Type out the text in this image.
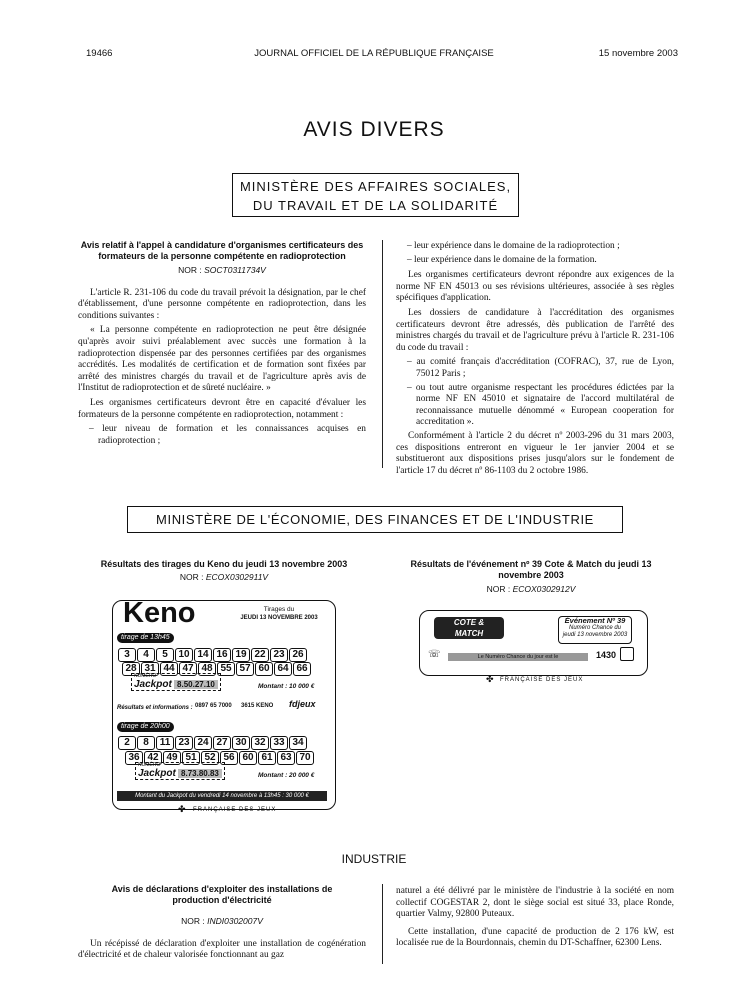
19466	JOURNAL OFFICIEL DE LA RÉPUBLIQUE FRANÇAISE	15 novembre 2003
AVIS DIVERS
MINISTÈRE DES AFFAIRES SOCIALES,
DU TRAVAIL ET DE LA SOLIDARITÉ
Avis relatif à l'appel à candidature d'organismes certificateurs des formateurs de la personne compétente en radioprotection
NOR : SOCT0311734V

L'article R. 231-106 du code du travail prévoit la désignation, par le chef d'établissement, d'une personne compétente en radioprotection, dans les conditions suivantes :

« La personne compétente en radioprotection ne peut être désignée qu'après avoir suivi préalablement avec succès une formation à la radioprotection dispensée par des personnes certifiées par des organismes accrédités. Les modalités de certification et de formation sont fixées par arrêté des ministres chargés du travail et de l'agriculture après avis de l'Institut de radioprotection et de sûreté nucléaire. »

Les organismes certificateurs devront être en capacité d'évaluer les formateurs de la personne compétente en radioprotection, notamment :

– leur niveau de formation et les connaissances acquises en radioprotection ;
– leur expérience dans le domaine de la radioprotection ;
– leur expérience dans le domaine de la formation.

Les organismes certificateurs devront répondre aux exigences de la norme NF EN 45013 ou ses révisions ultérieures, associée à ses règles spécifiques d'application.

Les dossiers de candidature à l'accréditation des organismes certificateurs devront être adressés, dès publication de l'arrêté des ministres chargés du travail et de l'agriculture prévu à l'article R. 231-106 du code du travail :

– au comité français d'accréditation (COFRAC), 37, rue de Lyon, 75012 Paris ;
– ou tout autre organisme respectant les procédures édictées par la norme NF EN 45010 et signataire de l'accord multilatéral de reconnaissance mutuelle dénommé « European cooperation for accreditation ».

Conformément à l'article 2 du décret nº 2003-296 du 31 mars 2003, ces dispositions entreront en vigueur le 1er janvier 2004 et se substitueront aux dispositions prises jusqu'alors sur le fondement de l'article 17 du décret nº 86-1103 du 2 octobre 1986.

MINISTÈRE DE L'ÉCONOMIE, DES FINANCES ET DE L'INDUSTRIE
Résultats des tirages du Keno du jeudi 13 novembre 2003
NOR : ECOX0302911V
Keno	Tirages du
JEUDI 13 NOVEMBRE 2003
tirage de 13h45
3 4 5 10 14 16 19 22 23 26
28 31 44 47 48 55 57 60 64 66
NUMÉRO
Jackpot 8.50.27.10	Montant : 10 000 €
Résultats et informations : 0897 65 7000 3615 KENO fdjeux
tirage de 20h00
2 8 11 23 24 27 30 32 33 34
36 42 49 51 52 56 60 61 63 70
NUMÉRO
Jackpot 8.73.80.83	Montant : 20 000 €
Montant du Jackpot du vendredi 14 novembre à 13h45 : 30 000 €
✤ FRANÇAISE DES JEUX
Résultats de l'événement nº 39 Cote & Match du jeudi 13 novembre 2003
NOR : ECOX0302912V
COTE &
MATCH
Événement Nº 39
Numéro Chance du
jeudi 13 novembre 2003
☏	Le Numéro Chance du jour est le	1430
✤ FRANÇAISE DES JEUX
INDUSTRIE
Avis de déclarations d'exploiter des installations de production d'électricité
NOR : INDI0302007V

Un récépissé de déclaration d'exploiter une installation de cogénération d'électricité et de chaleur valorisée fonctionnant au gaz

naturel a été délivré par le ministère de l'industrie à la société en nom collectif COGESTAR 2, dont le siège social est situé 33, place Ronde, quartier Valmy, 92800 Puteaux.

Cette installation, d'une capacité de production de 2 176 kW, est localisée rue de la Bourdonnais, chemin du DT-Schaffner, 62300 Lens.
